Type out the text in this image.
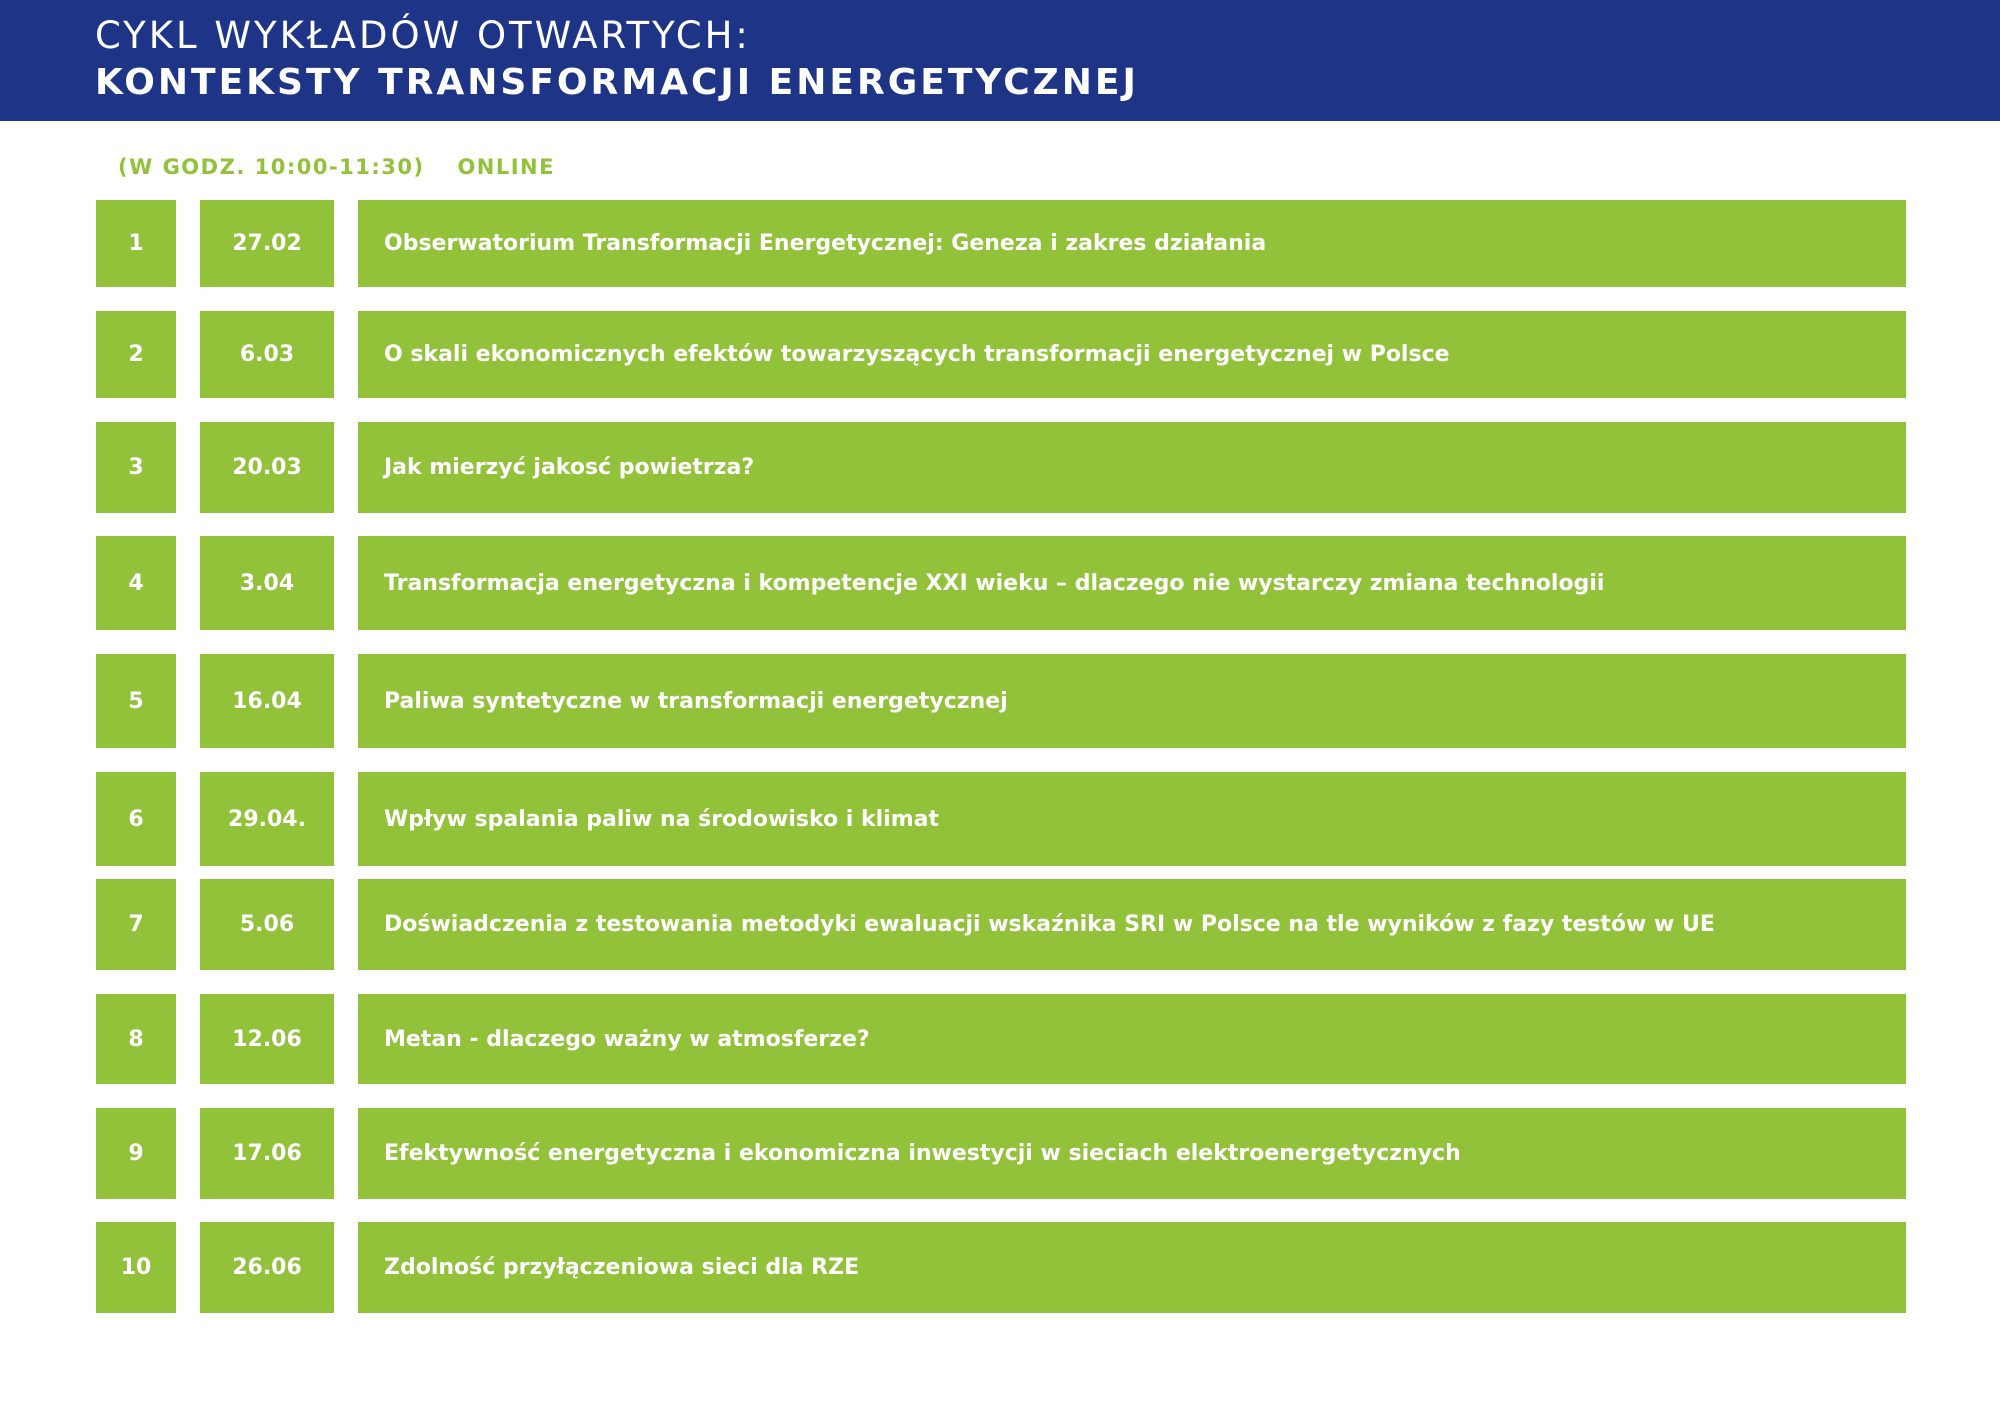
CYKL WYKŁADÓW OTWARTYCH:
KONTEKSTY TRANSFORMACJI ENERGETYCZNEJ
(W GODZ. 10:00-11:30) ONLINE
1	27.02	Obserwatorium Transformacji Energetycznej: Geneza i zakres działania
2	6.03	O skali ekonomicznych efektów towarzyszących transformacji energetycznej w Polsce
3	20.03	Jak mierzyć jakosć powietrza?
4	3.04	Transformacja energetyczna i kompetencje XXI wieku – dlaczego nie wystarczy zmiana technologii
5	16.04	Paliwa syntetyczne w transformacji energetycznej
6	29.04.	Wpływ spalania paliw na środowisko i klimat
7	5.06	Doświadczenia z testowania metodyki ewaluacji wskaźnika SRI w Polsce na tle wyników z fazy testów w UE
8	12.06	Metan - dlaczego ważny w atmosferze?
9	17.06	Efektywność energetyczna i ekonomiczna inwestycji w sieciach elektroenergetycznych
10	26.06	Zdolność przyłączeniowa sieci dla RZE
